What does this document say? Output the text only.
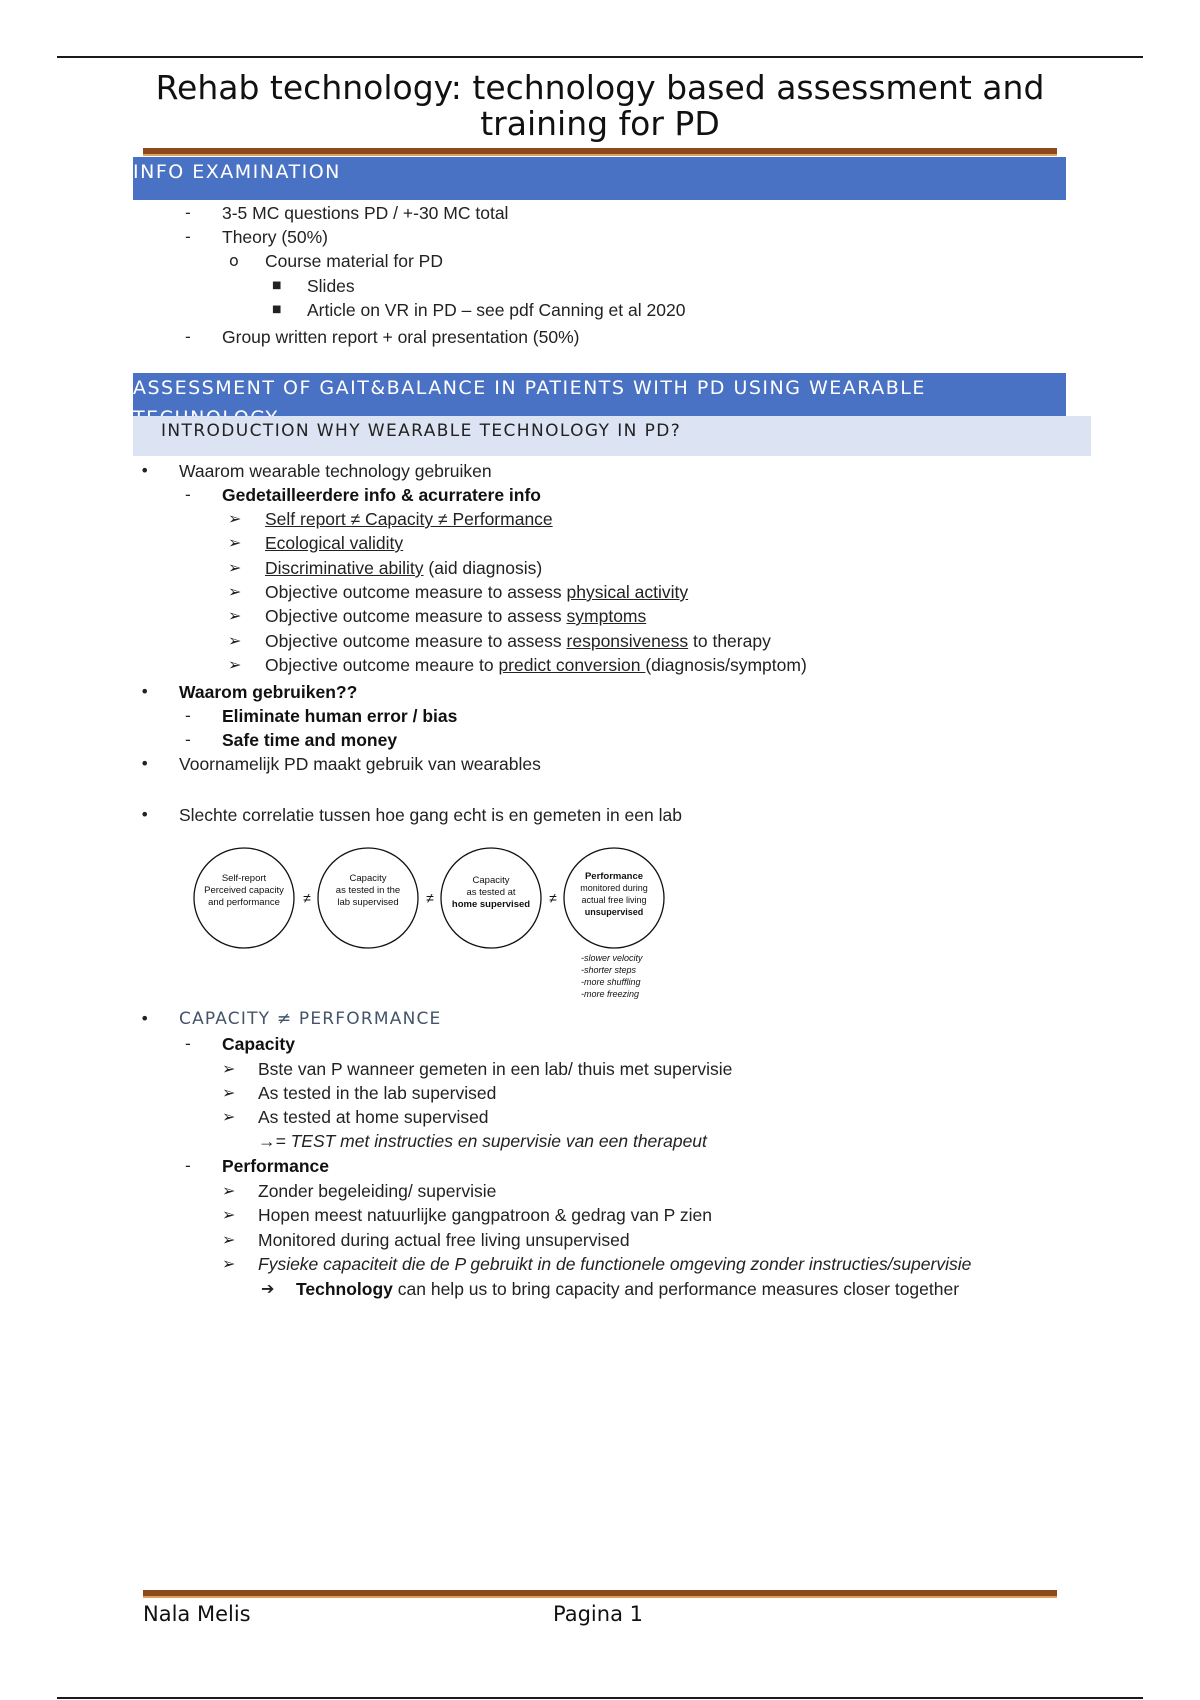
Rehab technology: technology based assessment and training for PD
INFO EXAMINATION
- 3-5 MC questions PD / +-30 MC total
- Theory (50%)
o Course material for PD
■ Slides
■ Article on VR in PD – see pdf Canning et al 2020
- Group written report + oral presentation (50%)
ASSESSMENT OF GAIT&BALANCE IN PATIENTS WITH PD USING WEARABLE
INTRODUCTION WHY WEARABLE TECHNOLOGY IN PD?
• Waarom wearable technology gebruiken
- Gedetailleerdere info & acurratere info
➢ Self report ≠ Capacity ≠ Performance
➢ Ecological validity
➢ Discriminative ability (aid diagnosis)
➢ Objective outcome measure to assess physical activity
➢ Objective outcome measure to assess symptoms
➢ Objective outcome measure to assess responsiveness to therapy
➢ Objective outcome meaure to predict conversion (diagnosis/symptom)
• Waarom gebruiken??
- Eliminate human error / bias
- Safe time and money
• Voornamelijk PD maakt gebruik van wearables
• Slechte correlatie tussen hoe gang echt is en gemeten in een lab
Self-report
Perceived capacity
and performance ≠
Capacity
as tested in the
lab supervised ≠
Capacity
as tested at
home supervised ≠
Performance
monitored during
actual free living
unsupervised
-slower velocity
-shorter steps
-more shuffling
-more freezing
• CAPACITY ≠ PERFORMANCE
- Capacity
➢ Bste van P wanneer gemeten in een lab/ thuis met supervisie
➢ As tested in the lab supervised
➢ As tested at home supervised
→= TEST met instructies en supervisie van een therapeut
- Performance
➢ Zonder begeleiding/ supervisie
➢ Hopen meest natuurlijke gangpatroon & gedrag van P zien
➢ Monitored during actual free living unsupervised
➢ Fysieke capaciteit die de P gebruikt in de functionele omgeving zonder instructies/supervisie
➔ Technology can help us to bring capacity and performance measures closer together
Nala Melis	Pagina 1
